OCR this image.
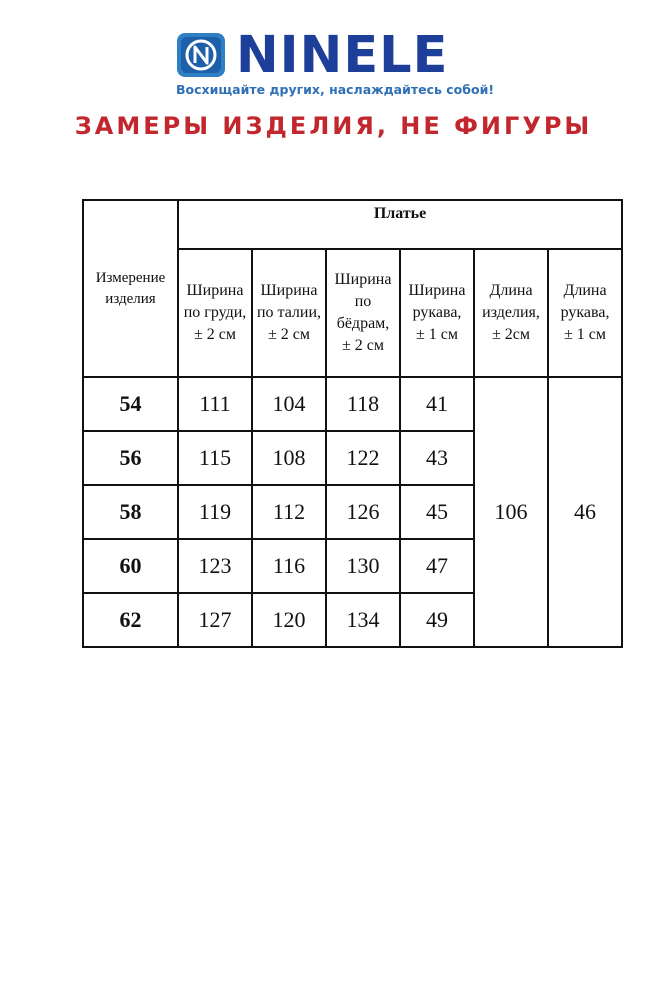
NINELE
Восхищайте других, наслаждайтесь собой!
ЗАМЕРЫ ИЗДЕЛИЯ, НЕ ФИГУРЫ
Измерение
изделия	Платье					

	Ширина
по груди,
± 2 см	Ширина
по талии,
± 2 см	Ширина
по
бёдрам,
± 2 см	Ширина
рукава,
± 1 см	Длина
изделия,
± 2см	Длина
рукава,
± 1 см

54	111	104	118	41	106	46
56	115	108	122	43		
58	119	112	126	45		
60	123	116	130	47		
62	127	120	134	49		
